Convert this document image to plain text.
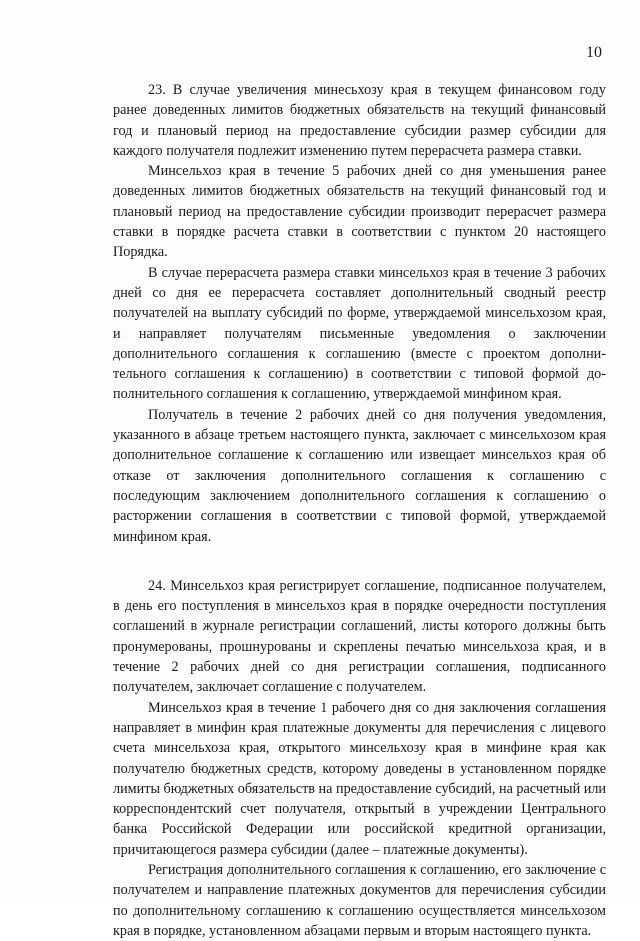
10

23. В случае увеличения минесьхозу края в текущем финансовом году ранее доведенных лимитов бюджетных обязательств на текущий финансовый год и плановый период на предоставление субсидии размер субсидии для каждого получателя подлежит изменению путем перерасчета размера ставки.

Минсельхоз края в течение 5 рабочих дней со дня уменьшения ранее доведенных лимитов бюджетных обязательств на текущий финансовый год и плановый период на предоставление субсидии производит перерасчет размера ставки в порядке расчета ставки в соответствии с пунктом 20 настоящего Порядка.

В случае перерасчета размера ставки минсельхоз края в течение 3 рабочих дней со дня ее перерасчета составляет дополнительный сводный реестр получателей на выплату субсидий по форме, утверждаемой минсельхозом края, и направляет получателям письменные уведомления о заключении дополнительного соглашения к соглашению (вместе с проектом дополнительного соглашения к соглашению) в соответствии с типовой формой дополнительного соглашения к соглашению, утверждаемой минфином края.

Получатель в течение 2 рабочих дней со дня получения уведомления, указанного в абзаце третьем настоящего пункта, заключает с минсельхозом края дополнительное соглашение к соглашению или извещает минсельхоз края об отказе от заключения дополнительного соглашения к соглашению с последующим заключением дополнительного соглашения к соглашению о расторжении соглашения в соответствии с типовой формой, утверждаемой минфином края.

24. Минсельхоз края регистрирует соглашение, подписанное получателем, в день его поступления в минсельхоз края в порядке очередности поступления соглашений в журнале регистрации соглашений, листы которого должны быть пронумерованы, прошнурованы и скреплены печатью минсельхоза края, и в течение 2 рабочих дней со дня регистрации соглашения, подписанного получателем, заключает соглашение с получателем.

Минсельхоз края в течение 1 рабочего дня со дня заключения соглашения направляет в минфин края платежные документы для перечисления с лицевого счета минсельхоза края, открытого минсельхозу края в минфине края как получателю бюджетных средств, которому доведены в установленном порядке лимиты бюджетных обязательств на предоставление субсидий, на расчетный или корреспондентский счет получателя, открытый в учреждении Центрального банка Российской Федерации или российской кредитной организации, причитающегося размера субсидии (далее – платежные документы).

Регистрация дополнительного соглашения к соглашению, его заключение с получателем и направление платежных документов для перечисления субсидии по дополнительному соглашению к соглашению осуществляется минсельхозом края в порядке, установленном абзацами первым и вторым настоящего пункта.
